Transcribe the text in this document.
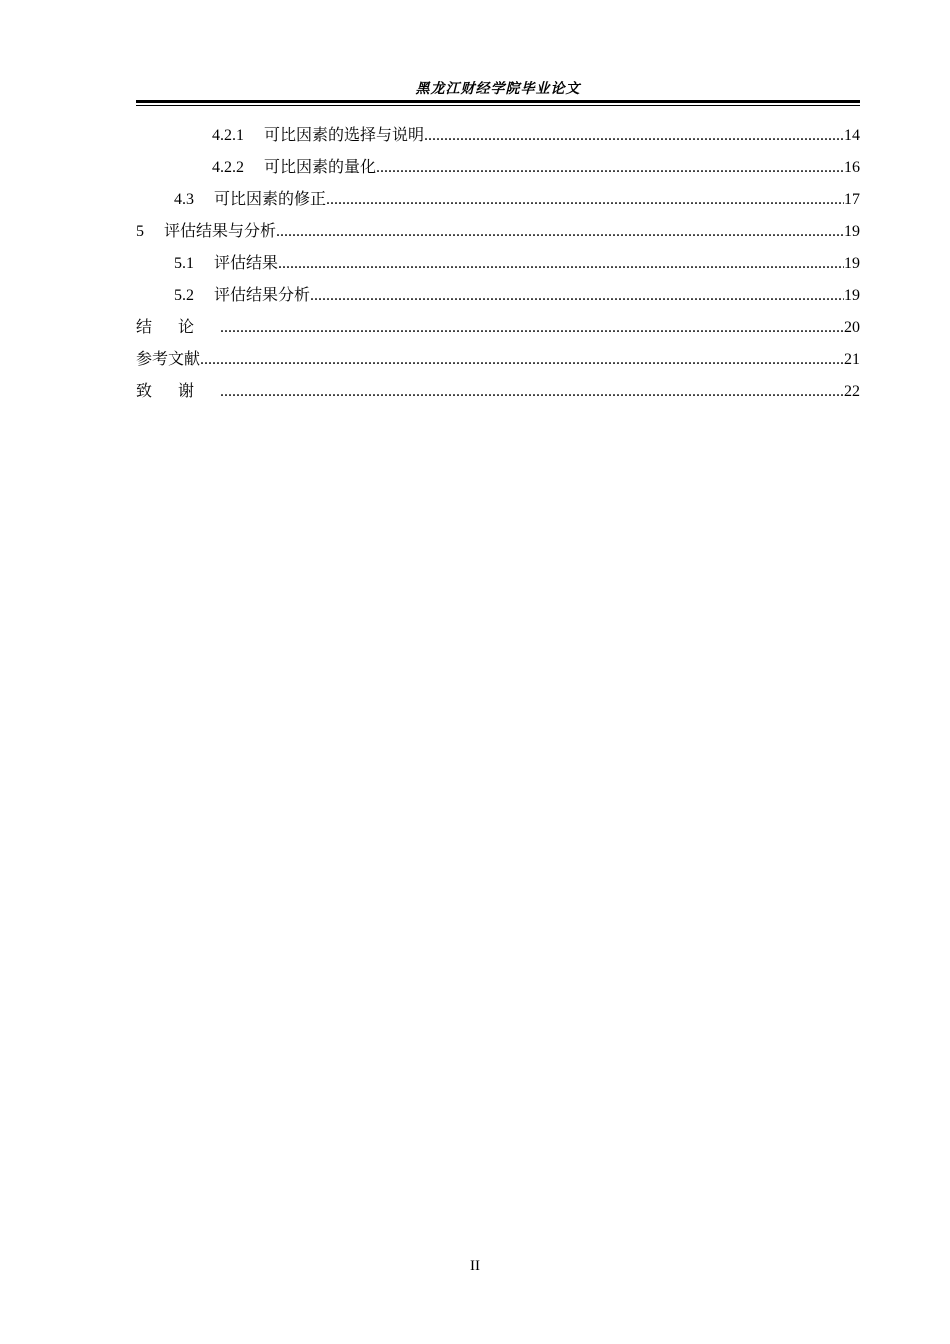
黑龙江财经学院毕业论文
4.2.1 可比因素的选择与说明 .....	14
4.2.2 可比因素的量化 .....	16
4.3 可比因素的修正 .....	17
5 评估结果与分析 .....	19
5.1 评估结果 .....	19
5.2 评估结果分析 .....	19
结论 .....	20
参考文献 .....	21
致谢 .....	22
II
